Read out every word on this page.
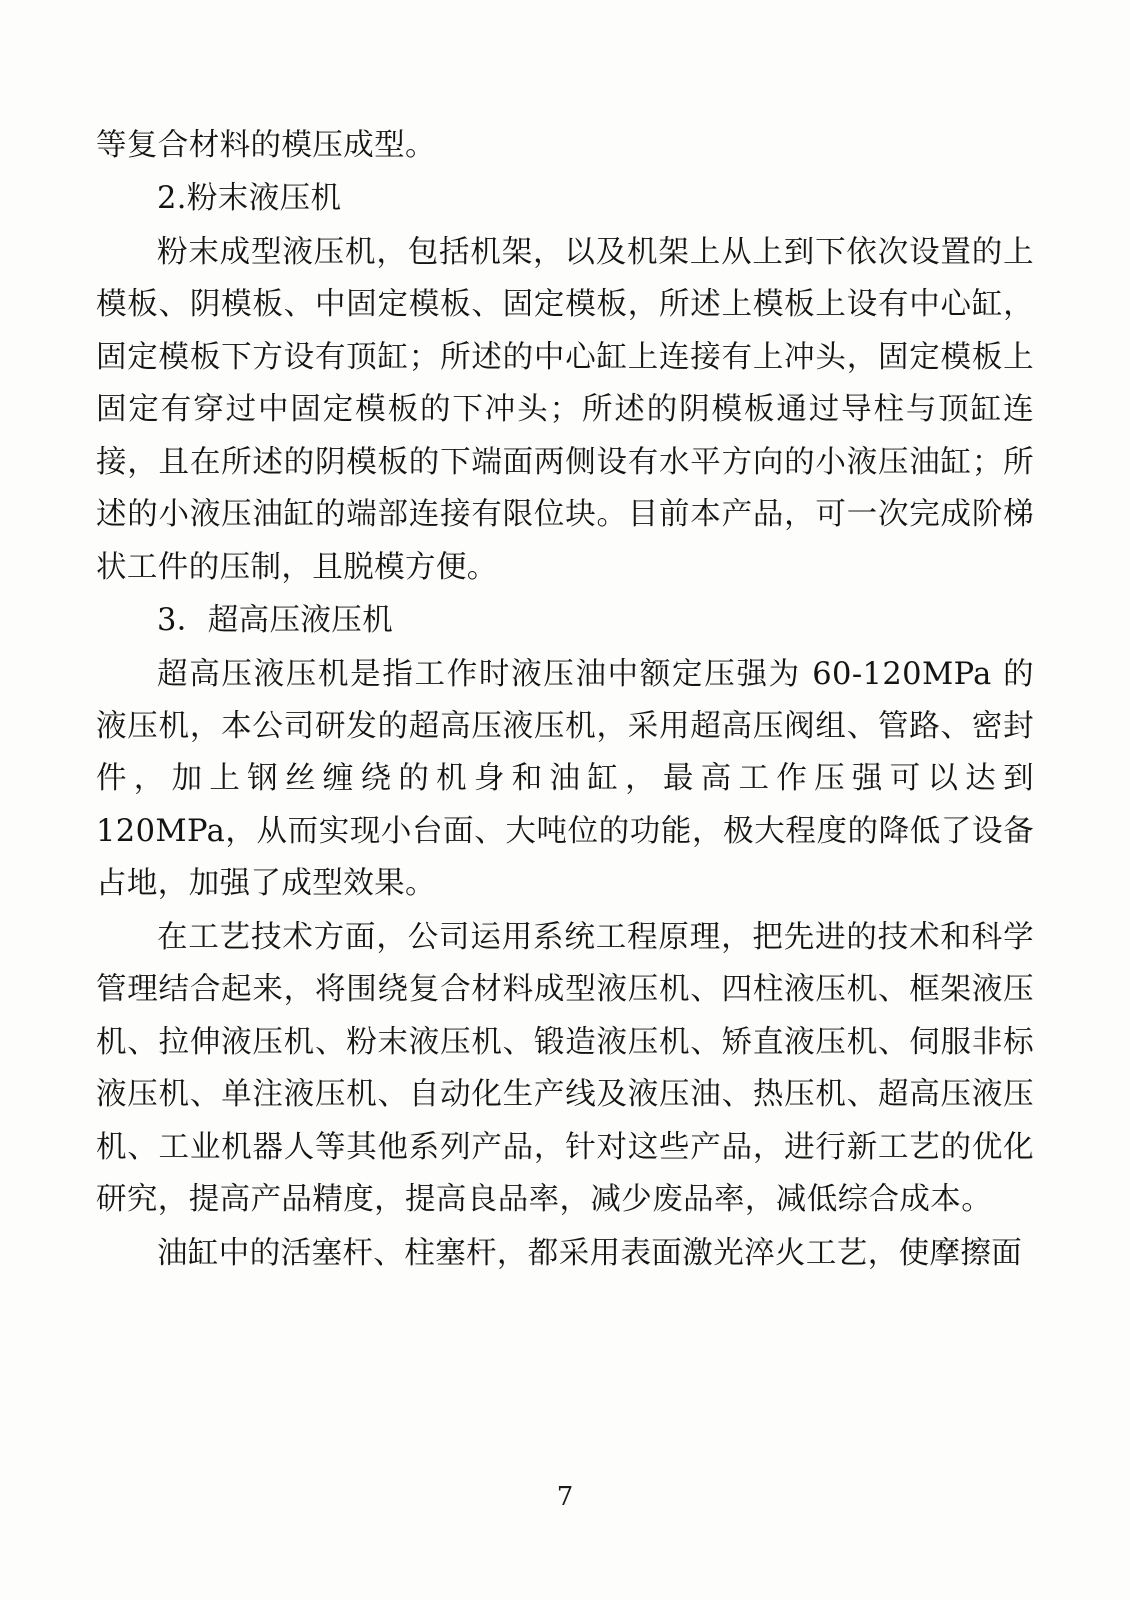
等复合材料的模压成型。

2.粉末液压机

粉末成型液压机，包括机架，以及机架上从上到下依次设置的上模板、阴模板、中固定模板、固定模板，所述上模板上设有中心缸，固定模板下方设有顶缸；所述的中心缸上连接有上冲头，固定模板上固定有穿过中固定模板的下冲头；所述的阴模板通过导柱与顶缸连接，且在所述的阴模板的下端面两侧设有水平方向的小液压油缸；所述的小液压油缸的端部连接有限位块。目前本产品，可一次完成阶梯状工件的压制，且脱模方便。

3．超高压液压机

超高压液压机是指工作时液压油中额定压强为 60-120MPa 的液压机，本公司研发的超高压液压机，采用超高压阀组、管路、密封件，加上钢丝缠绕的机身和油缸，最高工作压强可以达到 120MPa，从而实现小台面、大吨位的功能，极大程度的降低了设备占地，加强了成型效果。

在工艺技术方面，公司运用系统工程原理，把先进的技术和科学管理结合起来，将围绕复合材料成型液压机、四柱液压机、框架液压机、拉伸液压机、粉末液压机、锻造液压机、矫直液压机、伺服非标液压机、单注液压机、自动化生产线及液压油、热压机、超高压液压机、工业机器人等其他系列产品，针对这些产品，进行新工艺的优化研究，提高产品精度，提高良品率，减少废品率，减低综合成本。

油缸中的活塞杆、柱塞杆，都采用表面激光淬火工艺，使摩擦面

7
